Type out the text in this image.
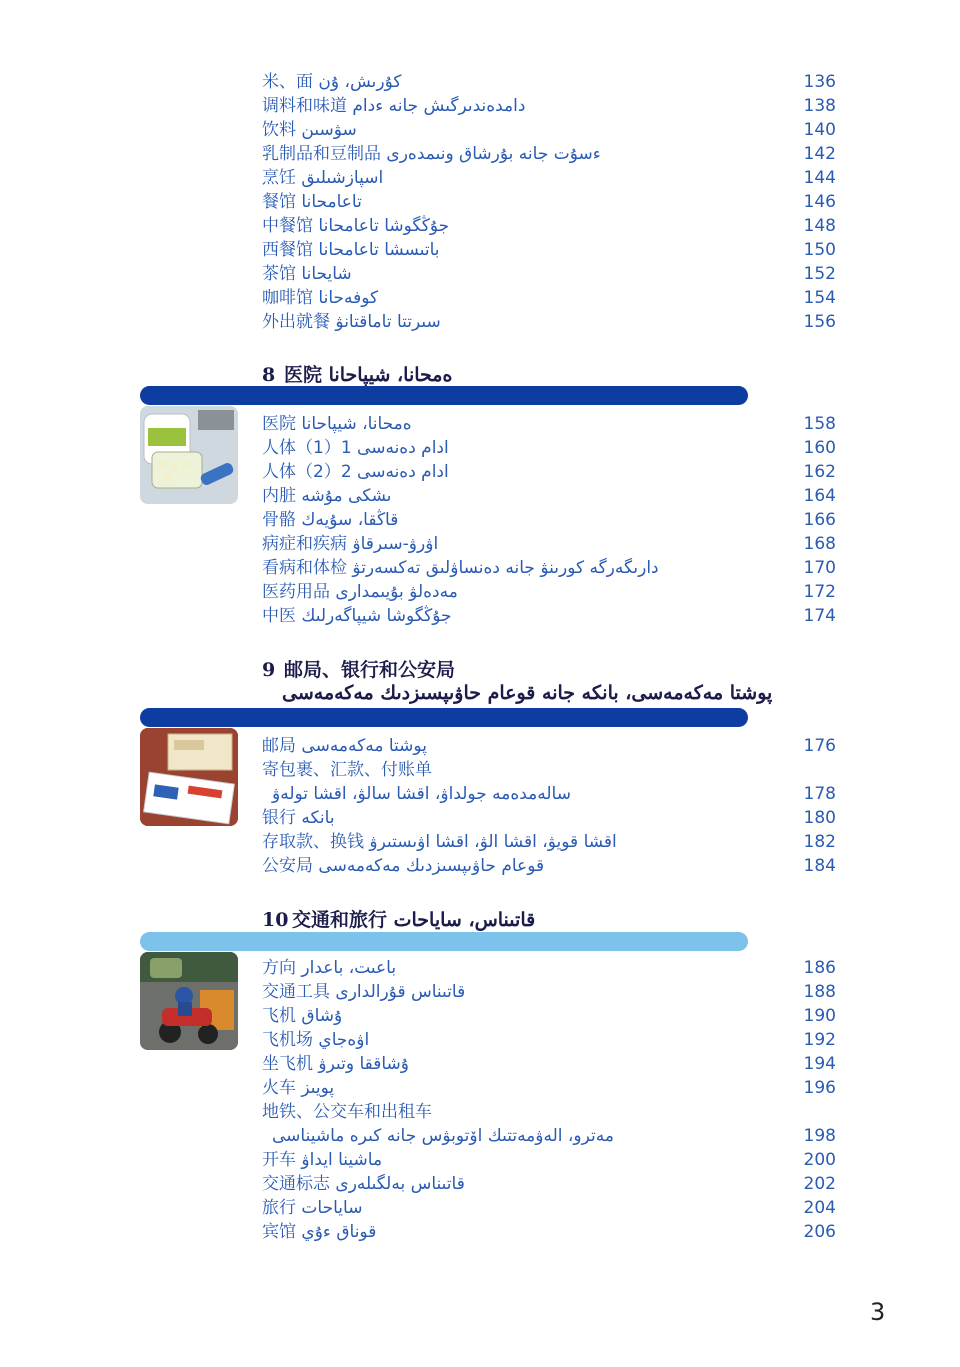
米、面 كۇرىش، ۇن	136
调料和味道 دامدەندىرگىش جانە ءدام	138
饮料 سۋسىن	140
乳制品和豆制品 ءسۇت جانە بۇرشاق ونىمدەرى	142
烹饪 اسپازشىلىق	144
餐馆 تاعامحانا	146
中餐馆 جۇڭگوشا تاعامحانا	148
西餐馆 باتىسشا تاعامحانا	150
茶馆 شايحانا	152
咖啡馆 كوفەحانا	154
外出就餐 سىرتتا تاماقتانۋ	156
8 医院 ەمحانا، شيپاحانا
医院 ەمحانا، شيپاحانا	158
人体（1）1 ادام دەنەسى	160
人体（2）2 ادام دەنەسى	162
内脏 ىشكى مۇشە	164
骨骼 قاڭقا، سۇيەك	166
病症和疾病 اۋرۋ-سىرقاۋ	168
看病和体检 دارىگەرگە كورىنۋ جانە دەنساۋلىق تەكسەرتۋ	170
医药用品 مەدەلۋ بۇيىمدارى	172
中医 جۇڭگوشا شيپاگەرلىك	174
9 邮局、银行和公安局
پوشتا مەكەمەسى، بانكە جانە قوعام حاۋىپسىزدىك مەكەمەسى
邮局 پوشتا مەكەمەسى	176
寄包裹、汇款、付账单
سالەمدەمە جولداۋ، اقشا سالۋ، اقشا تولەۋ	178
银行 بانكە	180
存取款、换钱 اقشا قويۋ، اقشا الۋ، اقشا اۋىستىرۋ	182
公安局 قوعام حاۋىپسىزدىك مەكەمەسى	184
10 交通和旅行 قاتىناس، ساياحات
方向 باعىت، باعدار	186
交通工具 قاتىناس قۇرالدارى	188
飞机 ۇشاق	190
飞机场 اۋەجاي	192
坐飞机 ۇشاققا وتىرۋ	194
火车 پويىز	196
地铁、公交车和出租车
مەترو، الەۋمەتتىك اۆتوبۋس جانە كىرە ماشيناسى	198
开车 ماشينا ايداۋ	200
交通标志 قاتىناس بەلگىلەرى	202
旅行 ساياحات	204
宾馆 قوناق ءۇي	206
3
